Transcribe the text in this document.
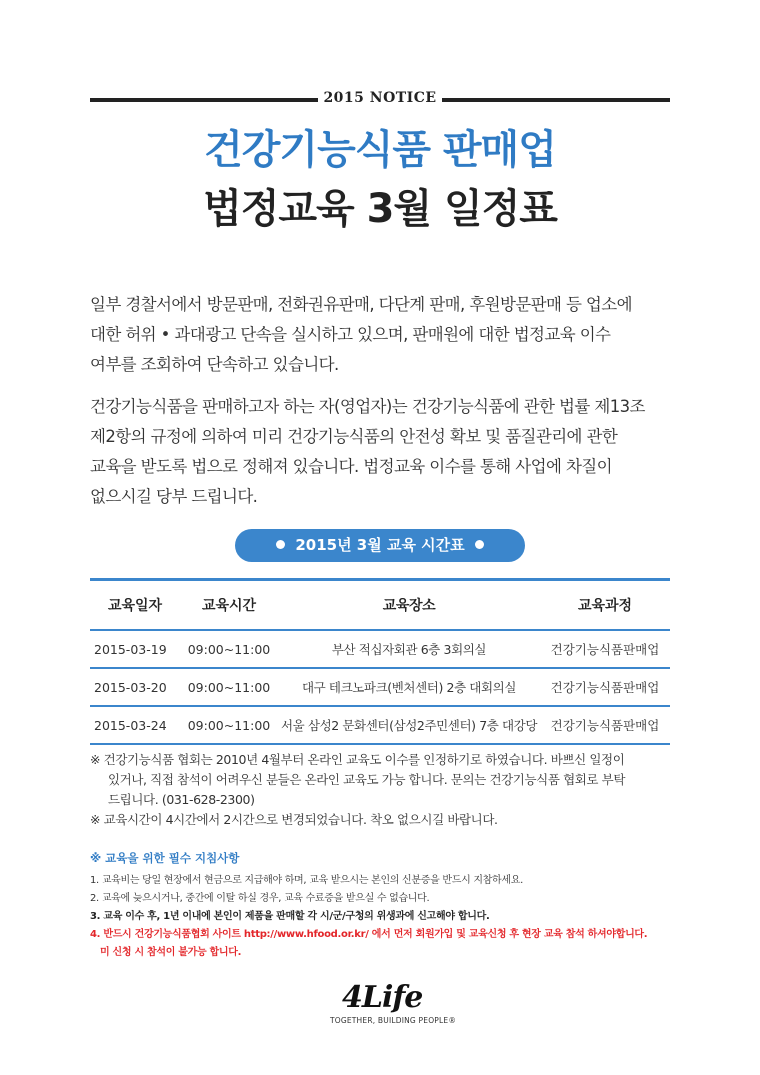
2015 NOTICE
건강기능식품 판매업
법정교육 3월 일정표
일부 경찰서에서 방문판매, 전화권유판매, 다단계 판매, 후원방문판매 등 업소에
대한 허위 • 과대광고 단속을 실시하고 있으며, 판매원에 대한 법정교육 이수
여부를 조회하여 단속하고 있습니다.
건강기능식품을 판매하고자 하는 자(영업자)는 건강기능식품에 관한 법률 제13조
제2항의 규정에 의하여 미리 건강기능식품의 안전성 확보 및 품질관리에 관한
교육을 받도록 법으로 정해져 있습니다. 법정교육 이수를 통해 사업에 차질이
없으시길 당부 드립니다.
2015년 3월 교육 시간표
교육일자	교육시간	교육장소	교육과정
2015-03-19	09:00~11:00	부산 적십자회관 6층 3회의실	건강기능식품판매업
2015-03-20	09:00~11:00	대구 테크노파크(벤처센터) 2층 대회의실	건강기능식품판매업
2015-03-24	09:00~11:00 서울 삼성2 문화센터(삼성2주민센터) 7층 대강당	건강기능식품판매업
※ 건강기능식품 협회는 2010년 4월부터 온라인 교육도 이수를 인정하기로 하였습니다. 바쁘신 일정이
있거나, 직접 참석이 어려우신 분들은 온라인 교육도 가능 합니다. 문의는 건강기능식품 협회로 부탁
드립니다. (031-628-2300)
※ 교육시간이 4시간에서 2시간으로 변경되었습니다. 착오 없으시길 바랍니다.
※ 교육을 위한 필수 지침사항
1. 교육비는 당일 현장에서 현금으로 지급해야 하며, 교육 받으시는 본인의 신분증을 반드시 지참하세요.
2. 교육에 늦으시거나, 중간에 이탈 하실 경우, 교육 수료증을 받으실 수 없습니다.
3. 교육 이수 후, 1년 이내에 본인이 제품을 판매할 각 시/군/구청의 위생과에 신고해야 합니다.
4. 반드시 건강기능식품협회 사이트 http://www.hfood.or.kr/ 에서 먼저 회원가입 및 교육신청 후 현장 교육 참석 하셔야합니다.
미 신청 시 참석이 불가능 합니다.
4Life
TOGETHER, BUILDING PEOPLE®
